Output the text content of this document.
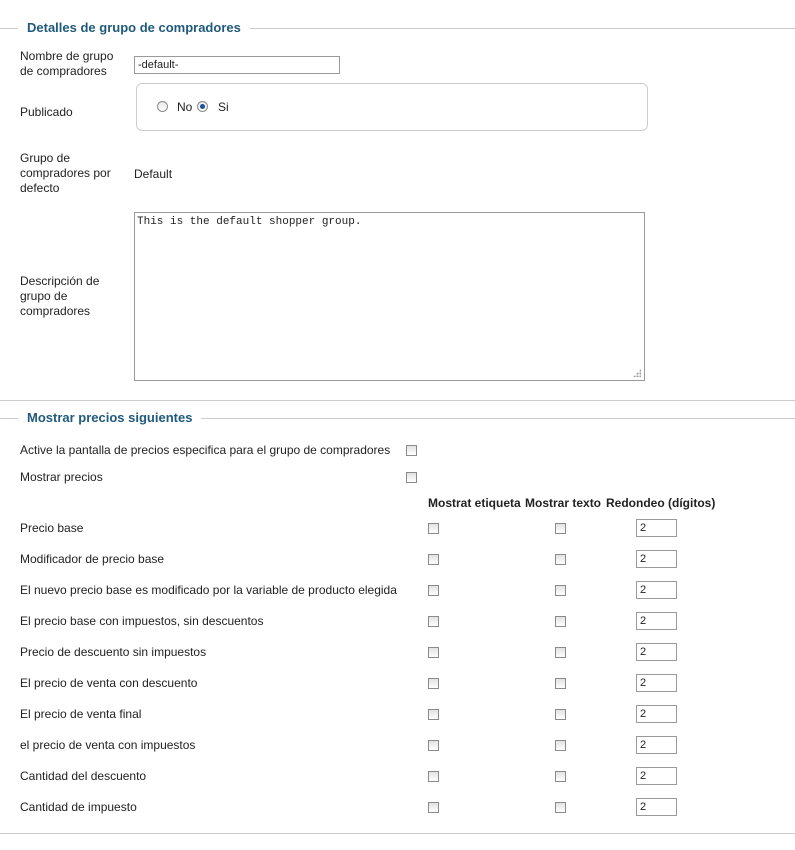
Detalles de grupo de compradores
Nombre de grupo de compradores
-default-
Publicado	No Si
Grupo de compradores por defecto
Default
Descripción de grupo de compradores
This is the default shopper group.
Mostrar precios siguientes
Active la pantalla de precios especifica para el grupo de compradores
Mostrar precios
Mostrat etiqueta Mostrar texto Redondeo (dígitos)
Precio base
2
Modificador de precio base
2
El nuevo precio base es modificado por la variable de producto elegida
2
El precio base con impuestos, sin descuentos
2
Precio de descuento sin impuestos
2
El precio de venta con descuento
2
El precio de venta final
2
el precio de venta con impuestos
2
Cantidad del descuento
2
Cantidad de impuesto
2
